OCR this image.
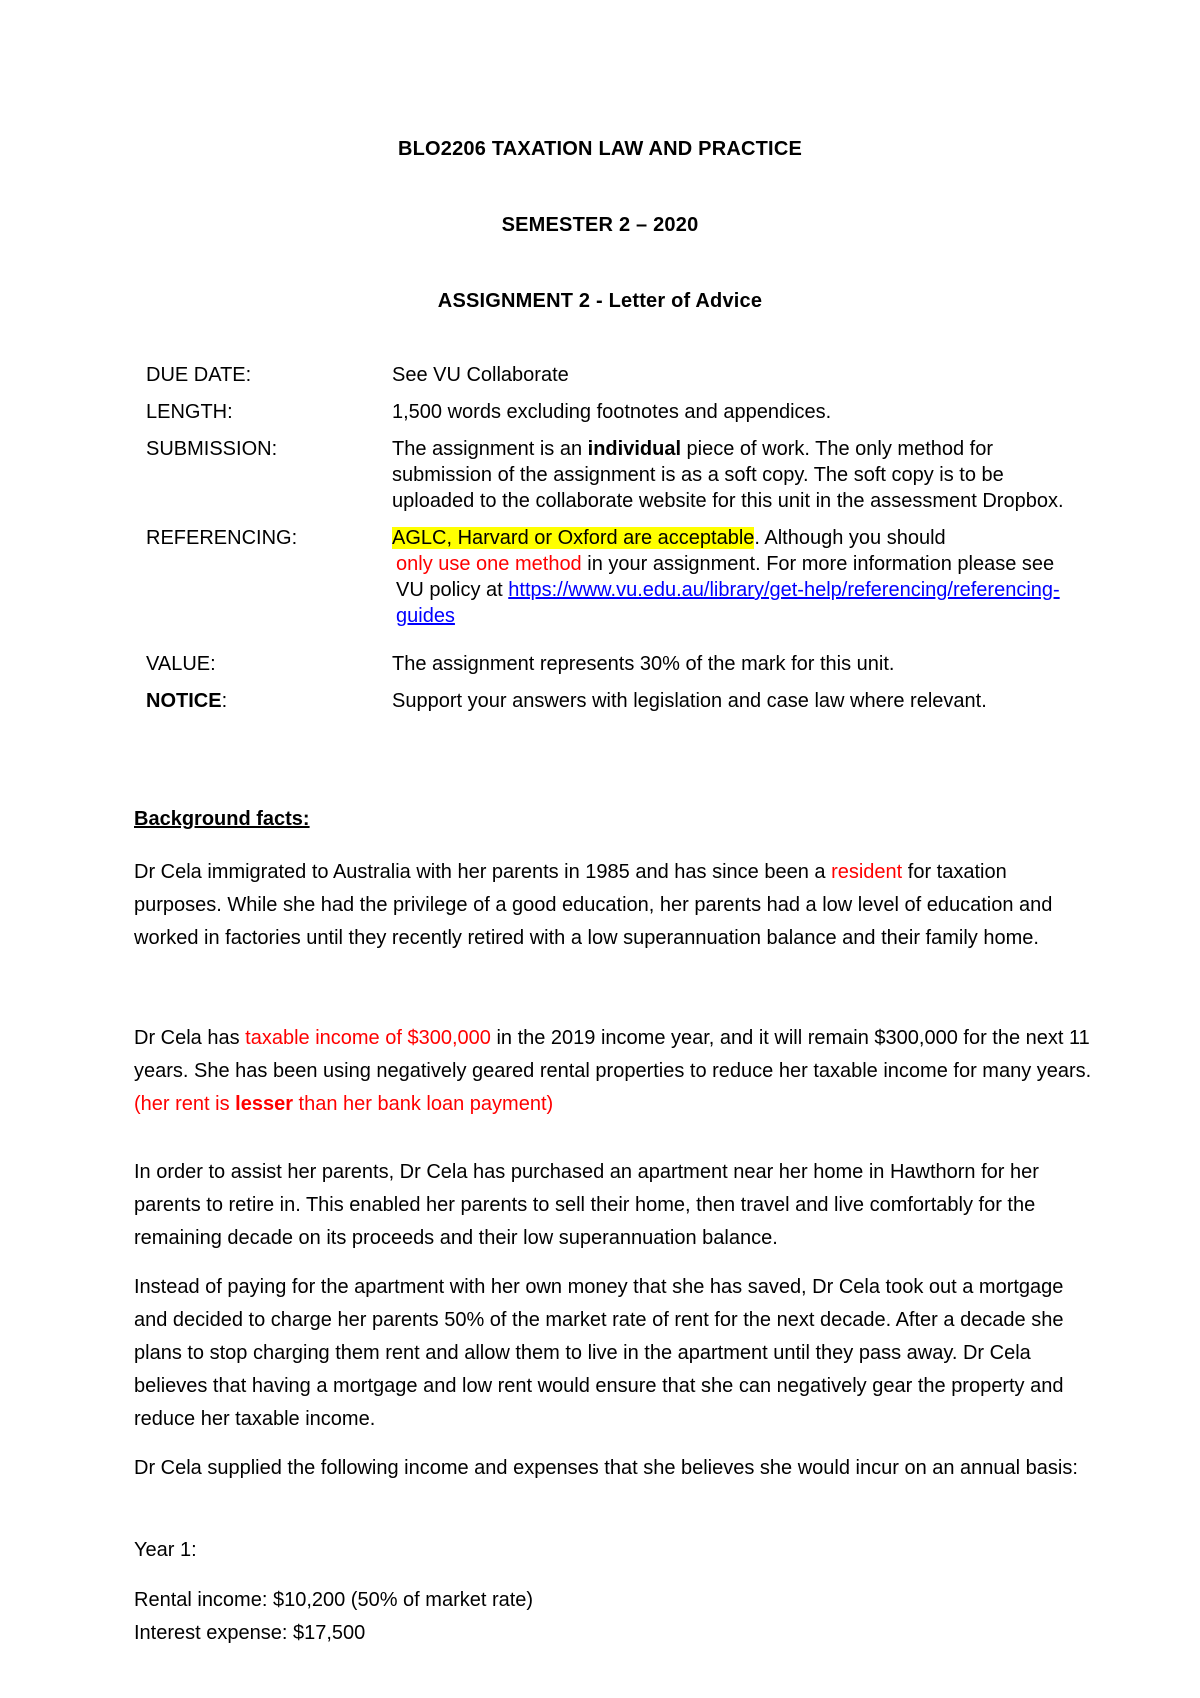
BLO2206 TAXATION LAW AND PRACTICE
SEMESTER 2 – 2020
ASSIGNMENT 2 - Letter of Advice
DUE DATE:	See VU Collaborate
LENGTH:	1,500 words excluding footnotes and appendices.
SUBMISSION:	The assignment is an individual piece of work. The only method for submission of the assignment is as a soft copy. The soft copy is to be uploaded to the collaborate website for this unit in the assessment Dropbox.
REFERENCING:	AGLC, Harvard or Oxford are acceptable. Although you should
only use one method in your assignment. For more information please see VU policy at https://www.vu.edu.au/library/get-help/referencing/referencing-guides
VALUE:	The assignment represents 30% of the mark for this unit.
NOTICE:	Support your answers with legislation and case law where relevant.
Background facts:
Dr Cela immigrated to Australia with her parents in 1985 and has since been a resident for taxation purposes. While she had the privilege of a good education, her parents had a low level of education and worked in factories until they recently retired with a low superannuation balance and their family home.
Dr Cela has taxable income of $300,000 in the 2019 income year, and it will remain $300,000 for the next 11 years. She has been using negatively geared rental properties to reduce her taxable income for many years. (her rent is lesser than her bank loan payment)
In order to assist her parents, Dr Cela has purchased an apartment near her home in Hawthorn for her parents to retire in. This enabled her parents to sell their home, then travel and live comfortably for the remaining decade on its proceeds and their low superannuation balance.
Instead of paying for the apartment with her own money that she has saved, Dr Cela took out a mortgage and decided to charge her parents 50% of the market rate of rent for the next decade. After a decade she plans to stop charging them rent and allow them to live in the apartment until they pass away. Dr Cela believes that having a mortgage and low rent would ensure that she can negatively gear the property and reduce her taxable income.
Dr Cela supplied the following income and expenses that she believes she would incur on an annual basis:
Year 1:
Rental income: $10,200 (50% of market rate)
Interest expense: $17,500
